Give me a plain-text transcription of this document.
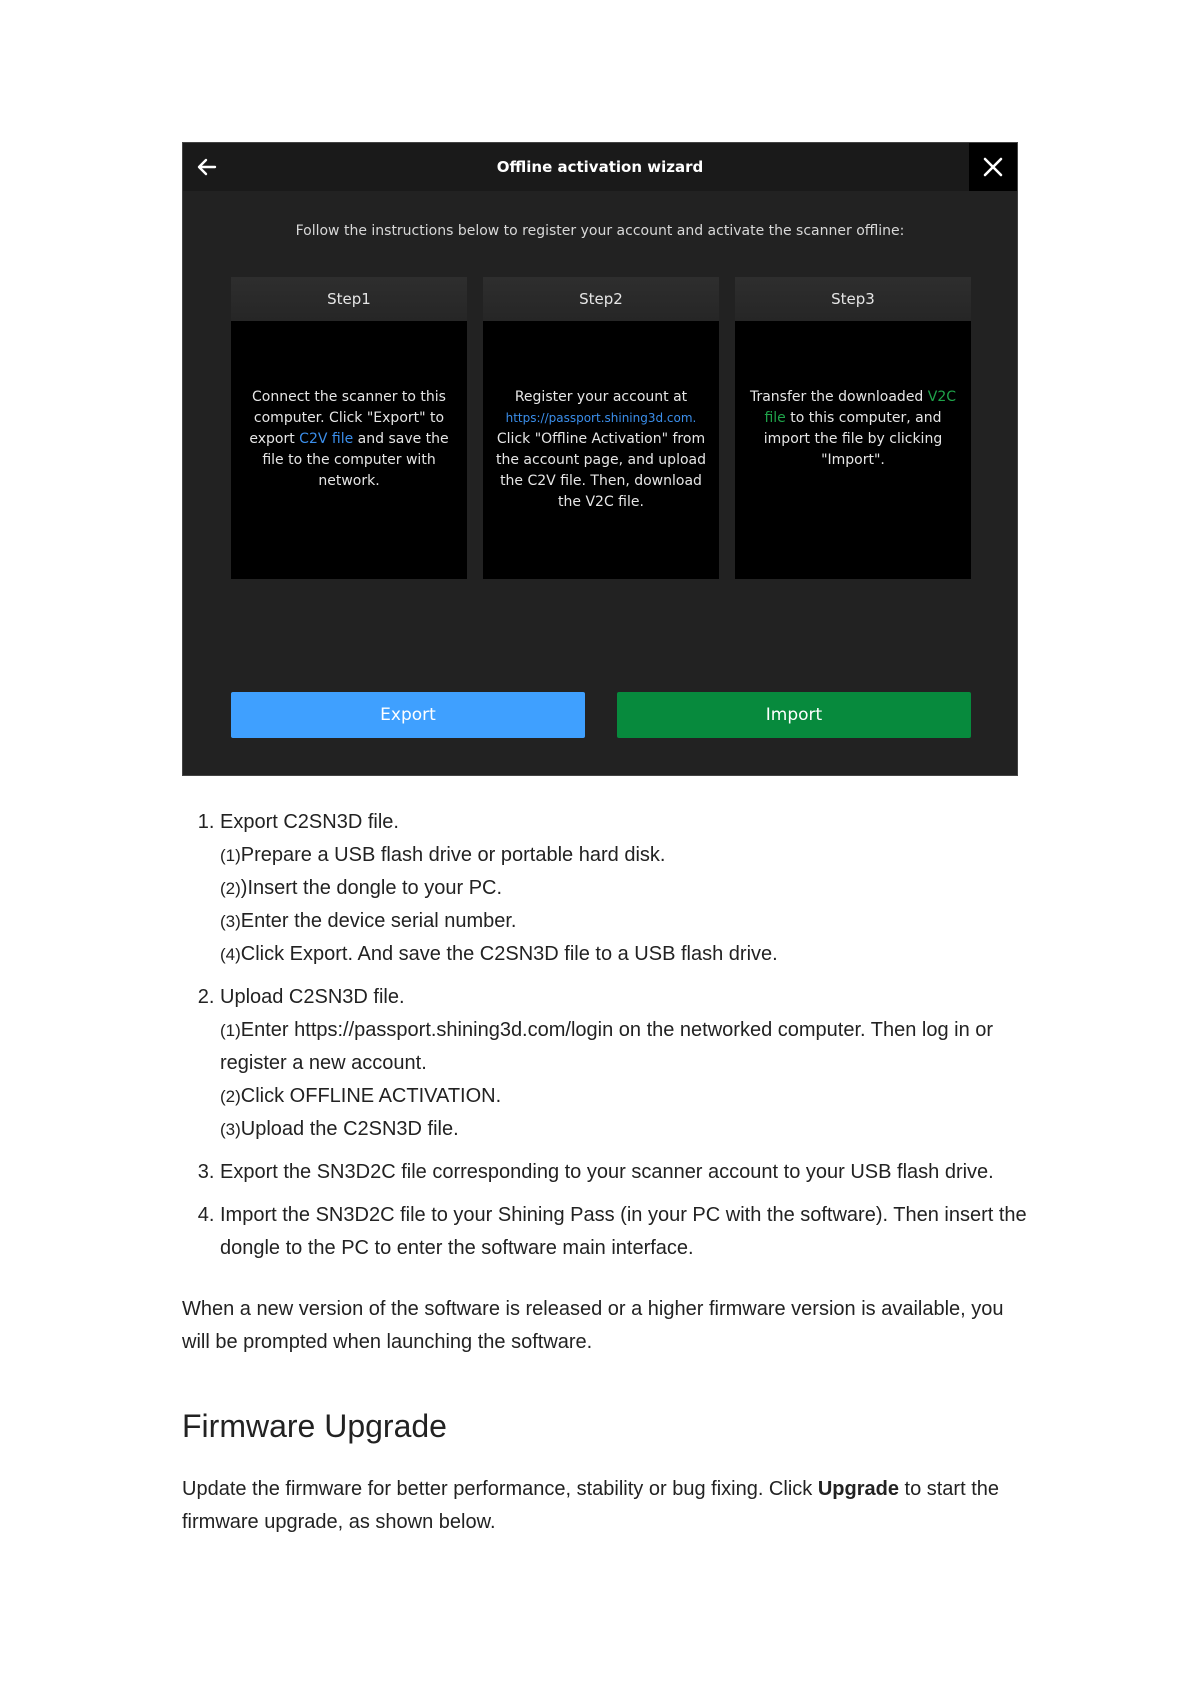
Offline activation wizard
Follow the instructions below to register your account and activate the scanner offline:
Step1
Connect the scanner to this computer. Click "Export" to export C2V file and save the file to the computer with network.
Step2
Register your account at
https://passport.shining3d.com.
Click "Offline Activation" from the account page, and upload the C2V file. Then, download the V2C file.
Step3
Transfer the downloaded V2C file to this computer, and import the file by clicking "Import".
Export	Import
1. Export C2SN3D file.
(1)Prepare a USB flash drive or portable hard disk.
(2))Insert the dongle to your PC.
(3)Enter the device serial number.
(4)Click Export. And save the C2SN3D file to a USB flash drive.
2. Upload C2SN3D file.
(1)Enter https://passport.shining3d.com/login on the networked computer. Then log in or register a new account.
(2)Click OFFLINE ACTIVATION.
(3)Upload the C2SN3D file.
3. Export the SN3D2C file corresponding to your scanner account to your USB flash drive.
4. Import the SN3D2C file to your Shining Pass (in your PC with the software). Then insert the dongle to the PC to enter the software main interface.

When a new version of the software is released or a higher firmware version is available, you will be prompted when launching the software.

Firmware Upgrade

Update the firmware for better performance, stability or bug fixing. Click Upgrade to start the firmware upgrade, as shown below.
